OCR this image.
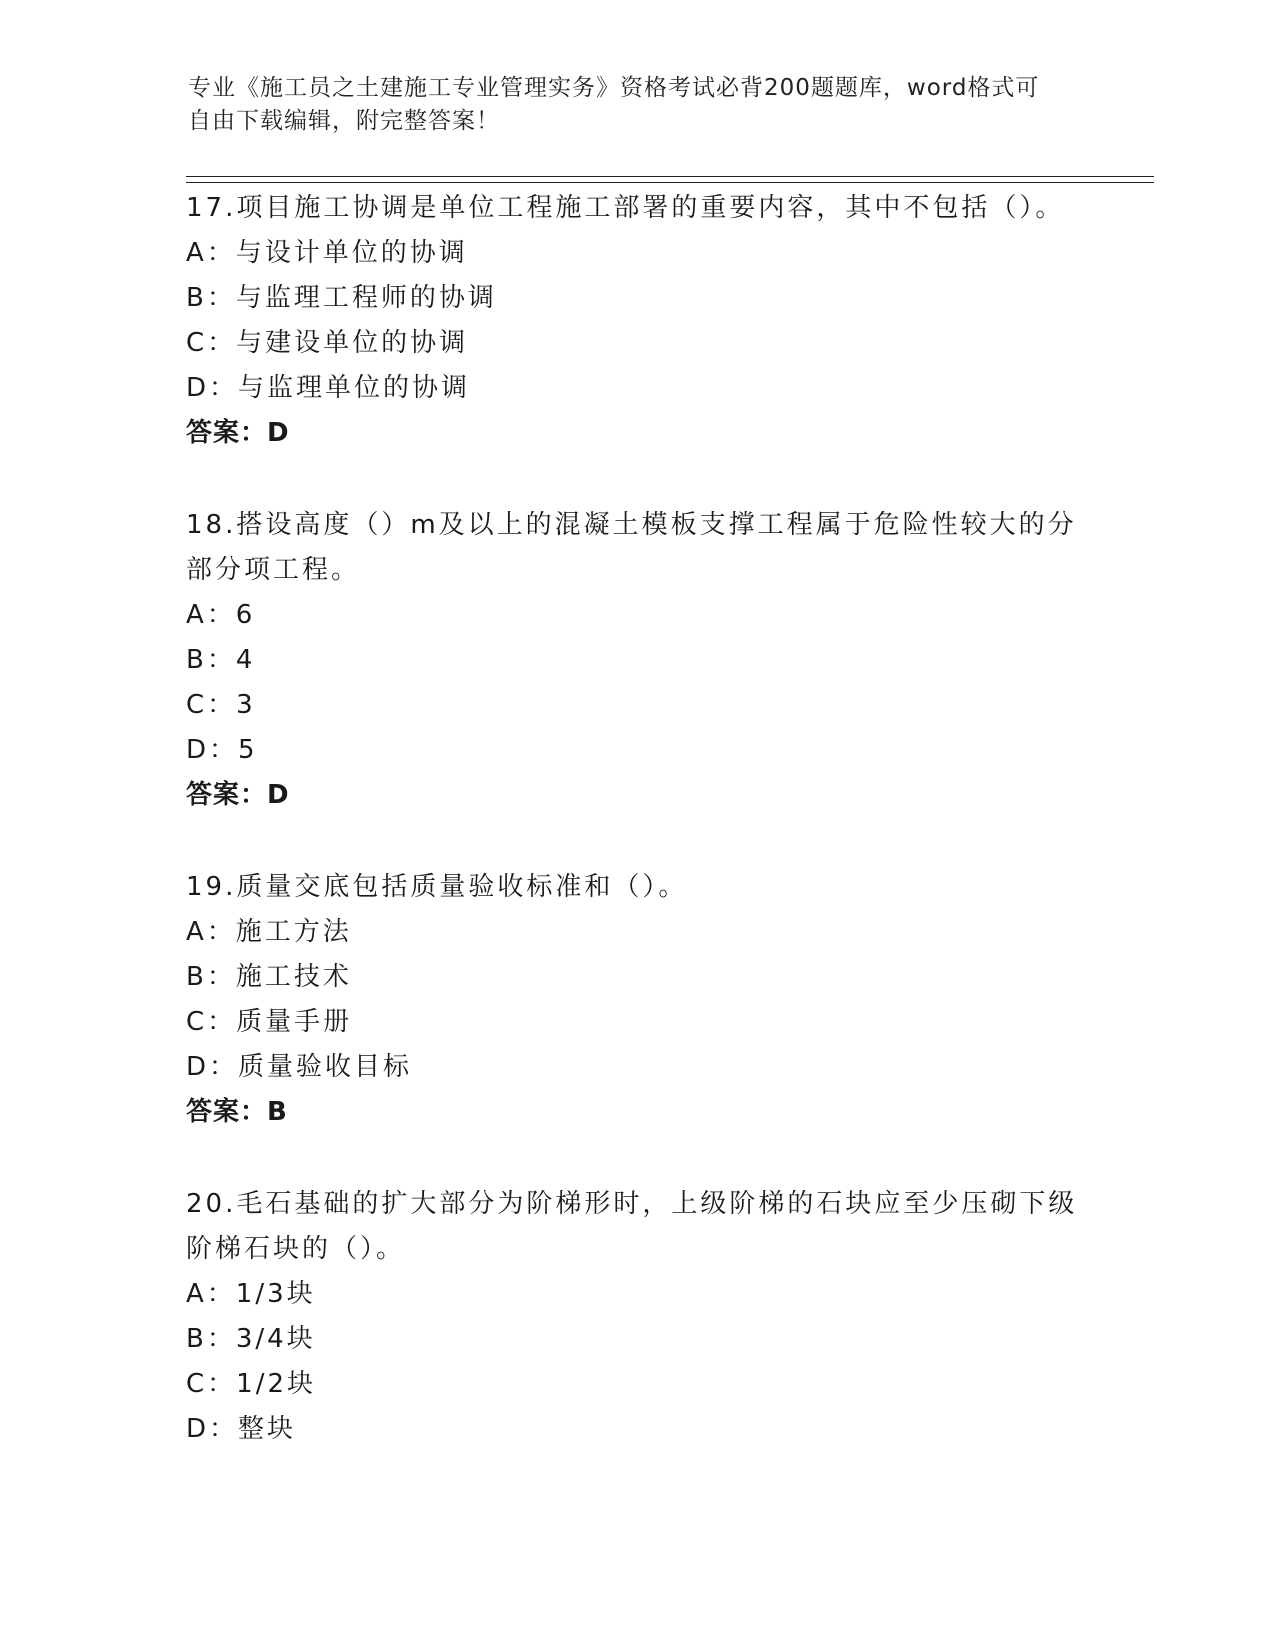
专业《施工员之土建施工专业管理实务》资格考试必背200题题库，word格式可
自由下载编辑，附完整答案！

17.项目施工协调是单位工程施工部署的重要内容，其中不包括（）。

A：与设计单位的协调

B：与监理工程师的协调

C：与建设单位的协调

D：与监理单位的协调

答案：D

18.搭设高度（）m及以上的混凝土模板支撑工程属于危险性较大的分

部分项工程。

A：6

B：4

C：3

D：5

答案：D

19.质量交底包括质量验收标准和（）。

A：施工方法

B：施工技术

C：质量手册

D：质量验收目标

答案：B

20.毛石基础的扩大部分为阶梯形时，上级阶梯的石块应至少压砌下级

阶梯石块的（）。

A：1/3块

B：3/4块

C：1/2块

D：整块
